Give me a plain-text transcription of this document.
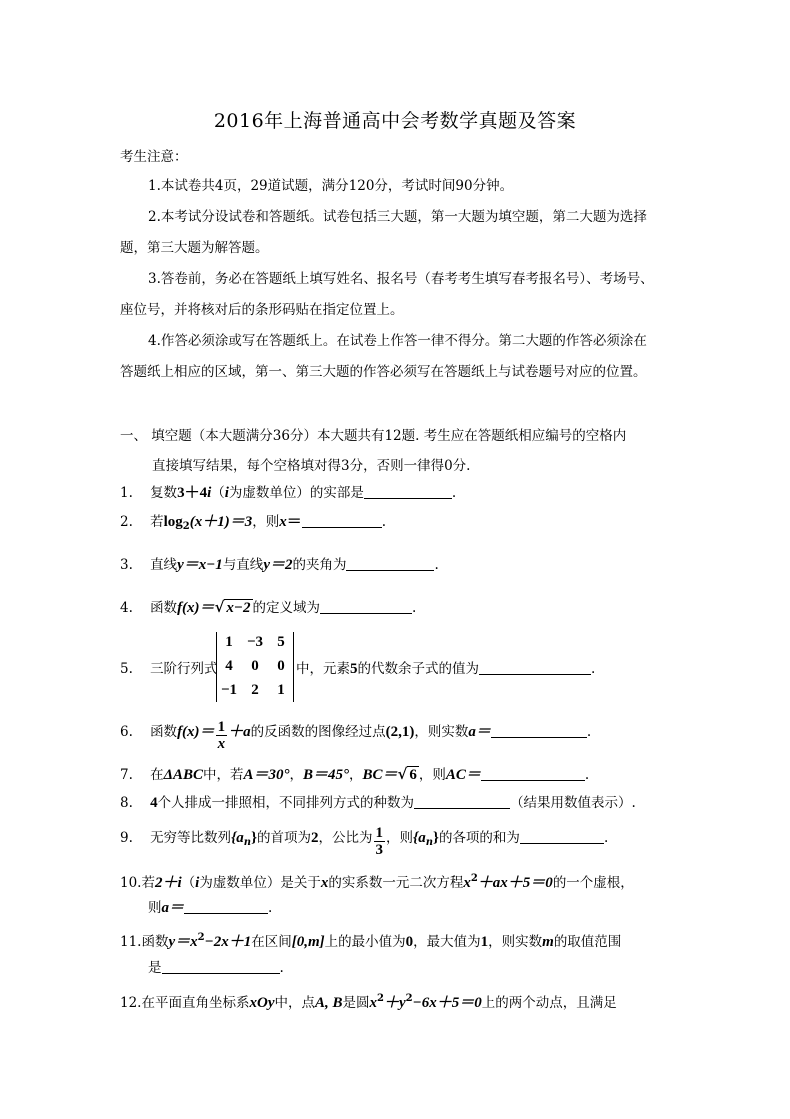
2016年上海普通高中会考数学真题及答案
考生注意：
1.本试卷共4页，29道试题，满分120分，考试时间90分钟。
2.本考试分设试卷和答题纸。试卷包括三大题，第一大题为填空题，第二大题为选择
题，第三大题为解答题。
3.答卷前，务必在答题纸上填写姓名、报名号（春考考生填写春考报名号）、考场号、
座位号，并将核对后的条形码贴在指定位置上。
4.作答必须涂或写在答题纸上。在试卷上作答一律不得分。第二大题的作答必须涂在
答题纸上相应的区域，第一、第三大题的作答必须写在答题纸上与试卷题号对应的位置。
一、 填空题（本大题满分36分）本大题共有12题. 考生应在答题纸相应编号的空格内
直接填写结果，每个空格填对得3分，否则一律得0分.
1. 复数3＋4i（i为虚数单位）的实部是	.
2. 若$\log_2(x+1)=3$，则x＝	.
3. 直线y＝x−1与直线y＝2的夹角为	.
4. 函数f(x)＝√ x−2 的定义域为	.
5. 三阶行列式
1 −3 5
4	0	0
−1 2	1
中，元素5的代数余子式的值为	.
6. 函数$f(x)= \frac{1}{x} +a$的反函数的图像经过点(2,1)，则实数a＝	.
7. 在ΔABC中，若A＝30°，B＝45°，BC＝√ 6 ，则AC＝	.
8. 4个人排成一排照相，不同排列方式的种数为	（结果用数值表示）.
9. 无穷等比数列$\{a_n\}$的首项为2，公比为 $\frac{1}{3}$ ，则$\{a_n\}$的各项的和为	.
10.若2＋i（i为虚数单位）是关于x的实系数一元二次方程$x^2+ax+5=0$的一个虚根，
则a＝	.
11.函数$y=x^2-2x+1$在区间[0,m]上的最小值为0，最大值为1，则实数m的取值范围
是	.
12.在平面直角坐标系xOy中，点A, B是圆$x^2+y^2-6x+5=0$上的两个动点，且满足
